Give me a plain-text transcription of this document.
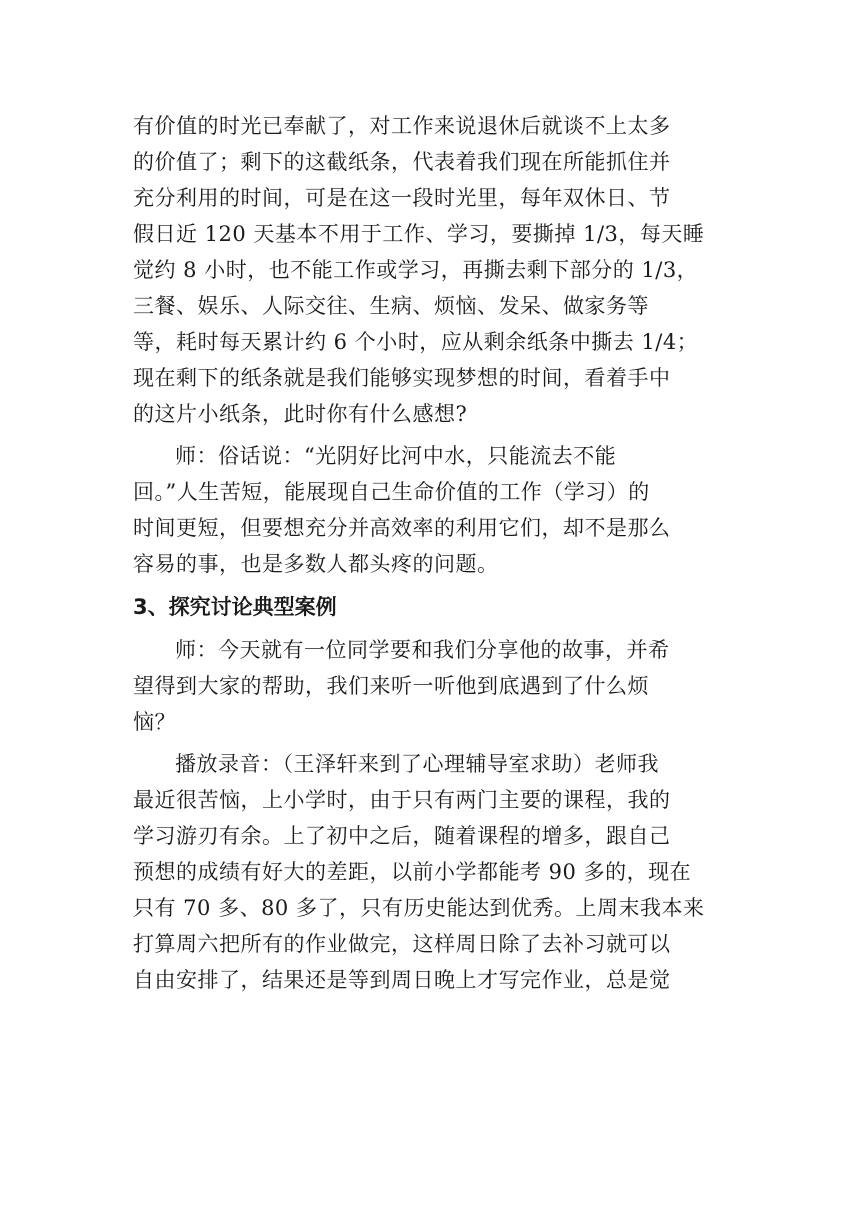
有价值的时光已奉献了，对工作来说退休后就谈不上太多
的价值了；剩下的这截纸条，代表着我们现在所能抓住并
充分利用的时间，可是在这一段时光里，每年双休日、节
假日近 120 天基本不用于工作、学习，要撕掉 1/3，每天睡
觉约 8 小时，也不能工作或学习，再撕去剩下部分的 1/3，
三餐、娱乐、人际交往、生病、烦恼、发呆、做家务等
等，耗时每天累计约 6 个小时，应从剩余纸条中撕去 1/4；
现在剩下的纸条就是我们能够实现梦想的时间，看着手中
的这片小纸条，此时你有什么感想?
师：俗话说：“光阴好比河中水，只能流去不能
回。”人生苦短，能展现自己生命价值的工作（学习）的
时间更短，但要想充分并高效率的利用它们，却不是那么
容易的事，也是多数人都头疼的问题。
3、探究讨论典型案例
师：今天就有一位同学要和我们分享他的故事，并希
望得到大家的帮助，我们来听一听他到底遇到了什么烦
恼？
播放录音：（王泽轩来到了心理辅导室求助）老师我
最近很苦恼，上小学时，由于只有两门主要的课程，我的
学习游刃有余。上了初中之后，随着课程的增多，跟自己
预想的成绩有好大的差距，以前小学都能考 90 多的，现在
只有 70 多、80 多了，只有历史能达到优秀。上周末我本来
打算周六把所有的作业做完，这样周日除了去补习就可以
自由安排了，结果还是等到周日晚上才写完作业，总是觉
